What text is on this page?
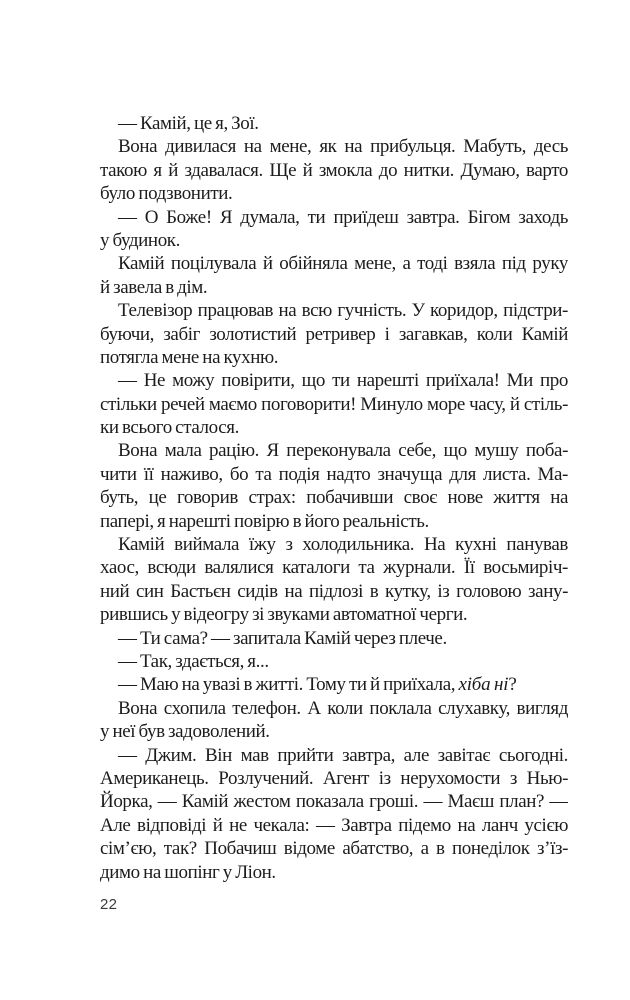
— Камій, це я, Зої.
Вона дивилася на мене, як на прибульця. Мабуть, десь
такою я й здавалася. Ще й змокла до нитки. Думаю, варто
було подзвонити.
— О Боже! Я думала, ти приїдеш завтра. Бігом заходь
у будинок.
Камій поцілувала й обійняла мене, а тоді взяла під руку
й завела в дім.
Телевізор працював на всю гучність. У коридор, підстри-
буючи, забіг золотистий ретривер і загавкав, коли Камій
потягла мене на кухню.
— Не можу повірити, що ти нарешті приїхала! Ми про
стільки речей маємо поговорити! Минуло море часу, й стіль-
ки всього сталося.
Вона мала рацію. Я переконувала себе, що мушу поба-
чити її наживо, бо та подія надто значуща для листа. Ма-
буть, це говорив страх: побачивши своє нове життя на
папері, я нарешті повірю в його реальність.
Камій виймала їжу з холодильника. На кухні панував
хаос, всюди валялися каталоги та журнали. Її восьмиріч-
ний син Бастьєн сидів на підлозі в кутку, із головою зану-
рившись у відеогру зі звуками автоматної черги.
— Ти сама? — запитала Камій через плече.
— Так, здається, я...
— Маю на увазі в житті. Тому ти й приїхала, хіба ні?
Вона схопила телефон. А коли поклала слухавку, вигляд
у неї був задоволений.
— Джим. Він мав прийти завтра, але завітає сьогодні.
Американець. Розлучений. Агент із нерухомости з Нью-
Йорка, — Камій жестом показала гроші. — Маєш план? —
Але відповіді й не чекала: — Завтра підемо на ланч усією
сім’єю, так? Побачиш відоме абатство, а в понеділок з’їз-
димо на шопінг у Ліон.
22
